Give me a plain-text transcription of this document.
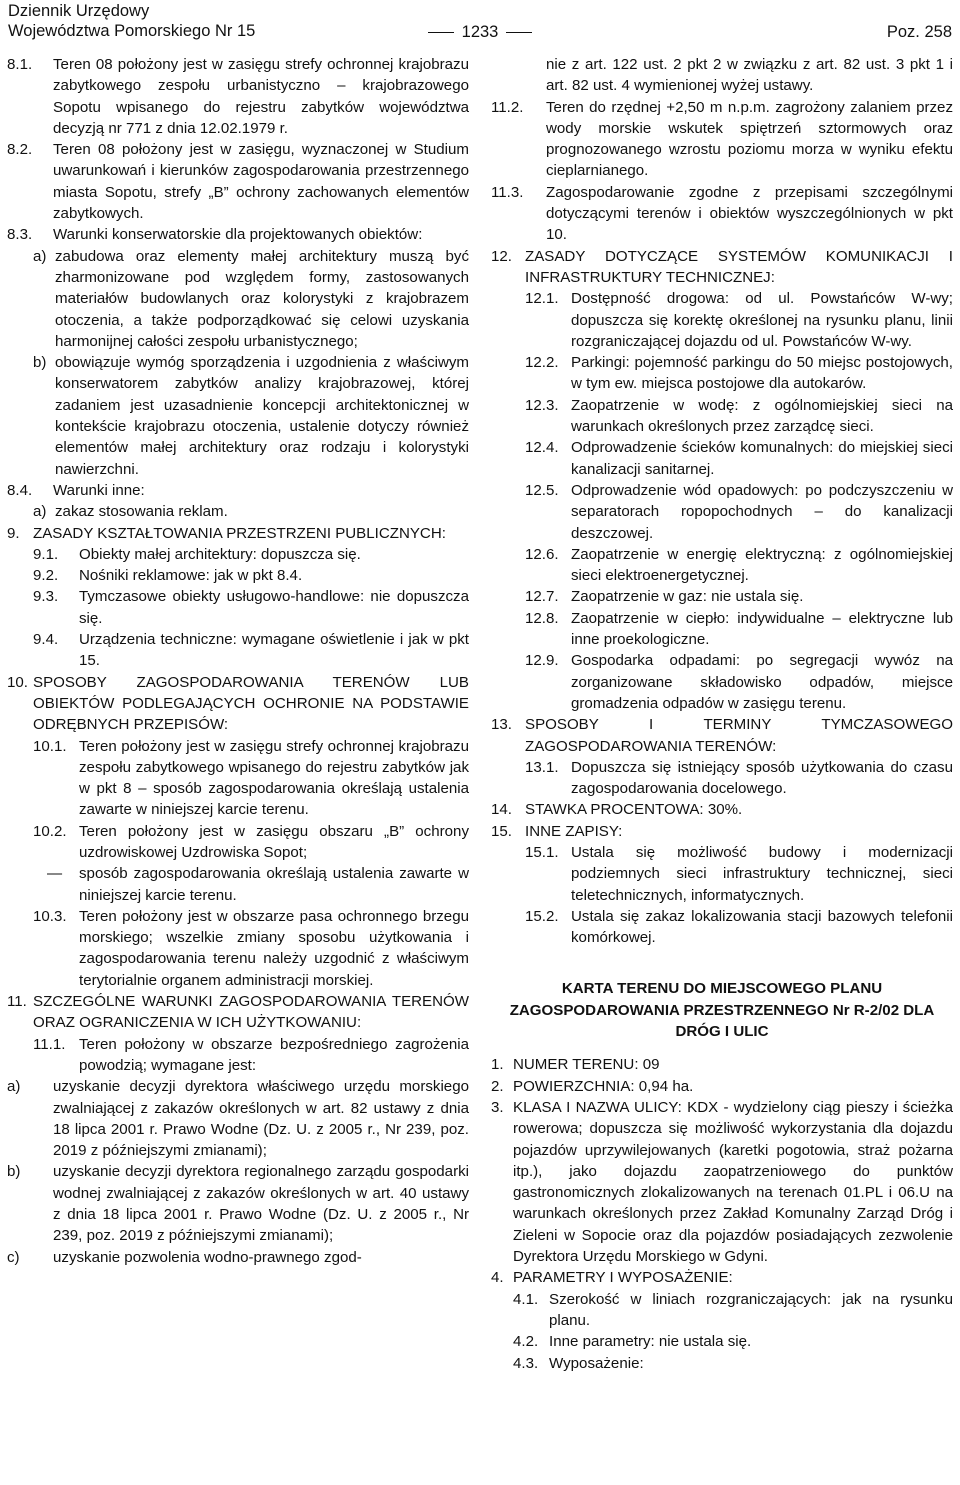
Dziennik Urzędowy
Województwa Pomorskiego Nr 15	1233	Poz. 258
8.1.	Teren 08 położony jest w zasięgu strefy ochronnej krajobrazu zabytkowego zespołu urbanistyczno – krajobrazowego Sopotu wpisanego do rejestru zabytków województwa decyzją nr 771 z dnia 12.02.1979 r.
8.2.	Teren 08 położony jest w zasięgu, wyznaczonej w Studium uwarunkowań i kierunków zagospodarowania przestrzennego miasta Sopotu, strefy „B” ochrony zachowanych elementów zabytkowych.
8.3.	Warunki konserwatorskie dla projektowanych obiektów:
a) zabudowa oraz elementy małej architektury muszą być zharmonizowane pod względem formy, zastosowanych materiałów budowlanych oraz kolorystyki z krajobrazem otoczenia, a także podporządkować się celowi uzyskania harmonijnej całości zespołu urbanistycznego;
b) obowiązuje wymóg sporządzenia i uzgodnienia z właściwym konserwatorem zabytków analizy krajobrazowej, której zadaniem jest uzasadnienie koncepcji architektonicznej w kontekście krajobrazu otoczenia, ustalenie dotyczy również elementów małej architektury oraz rodzaju i kolorystyki nawierzchni.
8.4.	Warunki inne:
a) zakaz stosowania reklam.
9. ZASADY KSZTAŁTOWANIA PRZESTRZENI PUBLICZNYCH:
9.1.	Obiekty małej architektury: dopuszcza się.
9.2.	Nośniki reklamowe: jak w pkt 8.4.
9.3.	Tymczasowe obiekty usługowo-handlowe: nie dopuszcza się.
9.4.	Urządzenia techniczne: wymagane oświetlenie i jak w pkt 15.
10. SPOSOBY ZAGOSPODAROWANIA TERENÓW LUB OBIEKTÓW PODLEGAJĄCYCH OCHRONIE NA PODSTAWIE ODRĘBNYCH PRZEPISÓW:
10.1. Teren położony jest w zasięgu strefy ochronnej krajobrazu zespołu zabytkowego wpisanego do rejestru zabytków jak w pkt 8 – sposób zagospodarowania określają ustalenia zawarte w niniejszej karcie terenu.
10.2. Teren położony jest w zasięgu obszaru „B” ochrony uzdrowiskowej Uzdrowiska Sopot;
—	sposób zagospodarowania określają ustalenia zawarte w niniejszej karcie terenu.
10.3. Teren położony jest w obszarze pasa ochronnego brzegu morskiego; wszelkie zmiany sposobu użytkowania i zagospodarowania terenu należy uzgodnić z właściwym terytorialnie organem administracji morskiej.
11. SZCZEGÓLNE WARUNKI ZAGOSPODAROWANIA TERENÓW ORAZ OGRANICZENIA W ICH UŻYTKOWANIU:
11.1. Teren położony w obszarze bezpośredniego zagrożenia powodzią; wymagane jest:
a)	uzyskanie decyzji dyrektora właściwego urzędu morskiego zwalniającej z zakazów określonych w art. 82 ustawy z dnia 18 lipca 2001 r. Prawo Wodne (Dz. U. z 2005 r., Nr 239, poz. 2019 z późniejszymi zmianami);
b)	uzyskanie decyzji dyrektora regionalnego zarządu gospodarki wodnej zwalniającej z zakazów określonych w art. 40 ustawy z dnia 18 lipca 2001 r. Prawo Wodne (Dz. U. z 2005 r., Nr 239, poz. 2019 z późniejszymi zmianami);
c)	uzyskanie pozwolenia wodno-prawnego zgod-
nie z art. 122 ust. 2 pkt 2 w związku z art. 82 ust. 3 pkt 1 i art. 82 ust. 4 wymienionej wyżej ustawy.
11.2.	Teren do rzędnej +2,50 m n.p.m. zagrożony zalaniem przez wody morskie wskutek spiętrzeń sztormowych oraz prognozowanego wzrostu poziomu morza w wyniku efektu cieplarnianego.
11.3.	Zagospodarowanie zgodne z przepisami szczególnymi dotyczącymi terenów i obiektów wyszczególnionych w pkt 10.
12. ZASADY DOTYCZĄCE SYSTEMÓW KOMUNIKACJI I INFRASTRUKTURY TECHNICZNEJ:
12.1. Dostępność drogowa: od ul. Powstańców W-wy; dopuszcza się korektę określonej na rysunku planu, linii rozgraniczającej dojazdu od ul. Powstańców W-wy.
12.2. Parkingi: pojemność parkingu do 50 miejsc postojowych, w tym ew. miejsca postojowe dla autokarów.
12.3. Zaopatrzenie w wodę: z ogólnomiejskiej sieci na warunkach określonych przez zarządcę sieci.
12.4. Odprowadzenie ścieków komunalnych: do miejskiej sieci kanalizacji sanitarnej.
12.5. Odprowadzenie wód opadowych: po podczyszczeniu w separatorach ropopochodnych – do kanalizacji deszczowej.
12.6. Zaopatrzenie w energię elektryczną: z ogólnomiejskiej sieci elektroenergetycznej.
12.7. Zaopatrzenie w gaz: nie ustala się.
12.8. Zaopatrzenie w ciepło: indywidualne – elektryczne lub inne proekologiczne.
12.9. Gospodarka odpadami: po segregacji wywóz na zorganizowane składowisko odpadów, miejsce gromadzenia odpadów w zasięgu terenu.
13. SPOSOBY I TERMINY TYMCZASOWEGO ZAGOSPODAROWANIA TERENÓW:
13.1. Dopuszcza się istniejący sposób użytkowania do czasu zagospodarowania docelowego.
14. STAWKA PROCENTOWA: 30%.
15. INNE ZAPISY:
15.1. Ustala się możliwość budowy i modernizacji podziemnych sieci infrastruktury technicznej, sieci teletechnicznych, informatycznych.
15.2. Ustala się zakaz lokalizowania stacji bazowych telefonii komórkowej.
KARTA TERENU DO MIEJSCOWEGO PLANU ZAGOSPODAROWANIA PRZESTRZENNEGO Nr R-2/02 DLA DRÓG I ULIC
1. NUMER TERENU: 09
2. POWIERZCHNIA: 0,94 ha.
3. KLASA I NAZWA ULICY: KDX - wydzielony ciąg pieszy i ścieżka rowerowa; dopuszcza się możliwość wykorzystania dla dojazdu pojazdów uprzywilejowanych (karetki pogotowia, straż pożarna itp.), jako dojazdu zaopatrzeniowego do punktów gastronomicznych zlokalizowanych na terenach 01.PL i 06.U na warunkach określonych przez Zakład Komunalny Zarząd Dróg i Zieleni w Sopocie oraz dla pojazdów posiadających zezwolenie Dyrektora Urzędu Morskiego w Gdyni.
4. PARAMETRY I WYPOSAŻENIE:
4.1. Szerokość w liniach rozgraniczających: jak na rysunku planu.
4.2. Inne parametry: nie ustala się.
4.3. Wyposażenie:
